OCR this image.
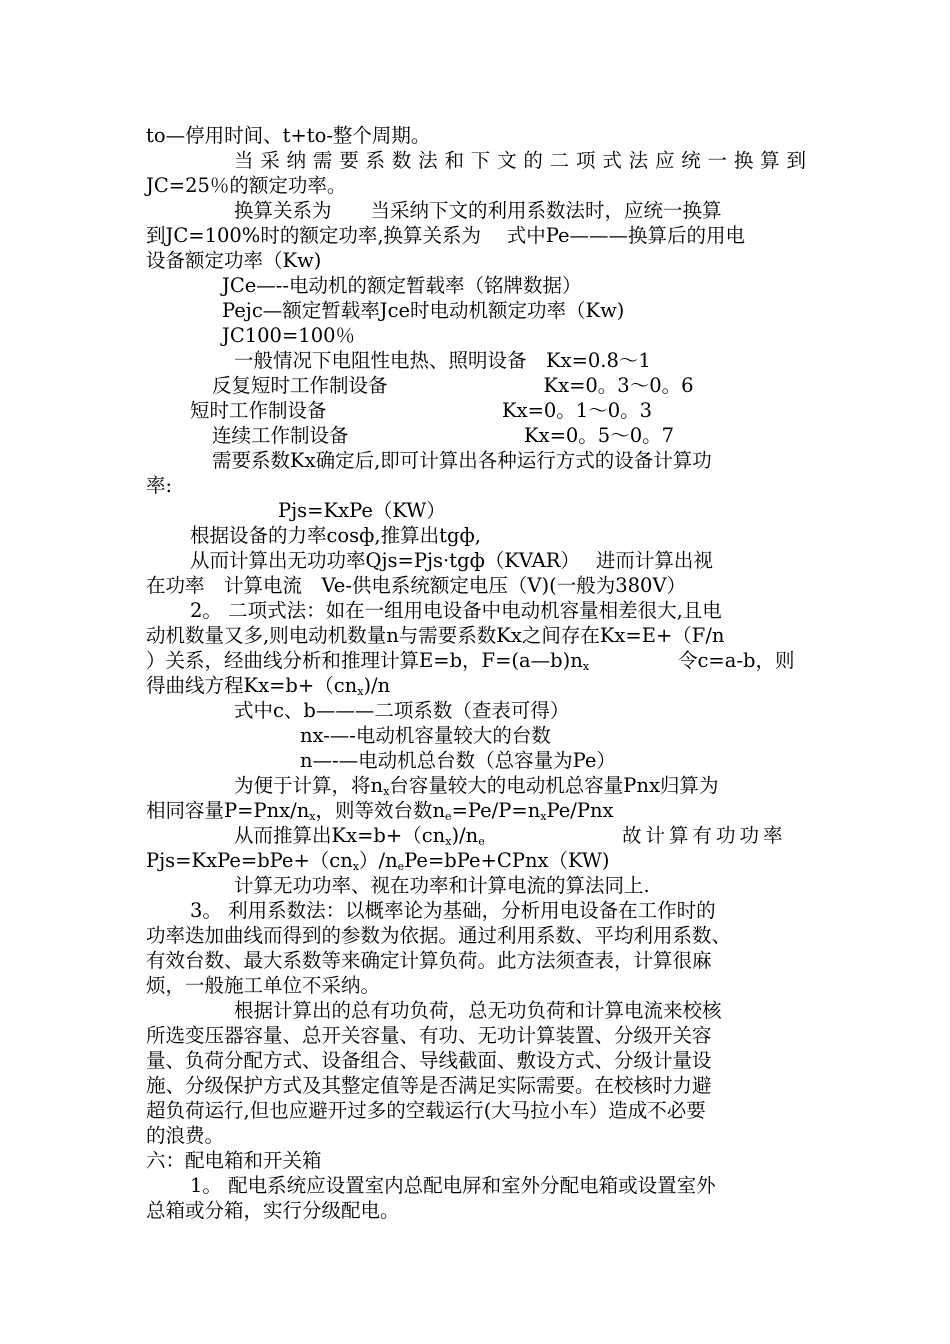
to—停用时间、t+to-整个周期。
当采纳需要系数法和下文的二项式法应统一换算到
JC=25％的额定功率。
换算关系为　　当采纳下文的利用系数法时，应统一换算
到JC=100%时的额定功率,换算关系为　 式中Pe———换算后的用电
设备额定功率（Kw)
JCe—--电动机的额定暂载率（铭牌数据）
Pejc—额定暂载率Jce时电动机额定功率（Kw)
JC100=100％
一般情况下电阻性电热、照明设备　Kx=0.8～1
反复短时工作制设备　　　　　　　　Kx=0。3～0。6
短时工作制设备　　　　　　　　　Kx=0。1～0。3
连续工作制设备　　　　　　　　　Kx=0。5～0。7
需要系数Kx确定后,即可计算出各种运行方式的设备计算功
率:
Pjs=KxPe（KW）
根据设备的力率cosф,推算出tgф,
从而计算出无功功率Qjs=Pjs·tgф（KVAR）　 进而计算出视
在功率　计算电流　Ve-供电系统额定电压（V)(一般为380V）
2。 二项式法：如在一组用电设备中电动机容量相差很大,且电
动机数量又多,则电动机数量n与需要系数Kx之间存在Kx=E+（F/n
）关系，经曲线分析和推理计算E=b，$F=(a—b)n_x$	令c=a-b，则
得曲线方程$Kx=b+(cn_x)/n$
式中c、b———二项系数（查表可得）
nx-—-电动机容量较大的台数
n—-—电动机总台数（总容量为Pe）
为便于计算，将$n_x$台容量较大的电动机总容量Pnx归算为
相同容量$P=Pnx/n_x$，则等效台数$n_e=Pe/P=n_xPe$/Pnx
从而推算出$Kx=b+(cn_x)/n_e$	故计算有功功率
$Pjs=KxPe=bPe+(cn_x)/n_ePe=bPe+CPnx(KW)$
计算无功功率、视在功率和计算电流的算法同上.
3。 利用系数法：以概率论为基础，分析用电设备在工作时的
功率迭加曲线而得到的参数为依据。通过利用系数、平均利用系数、
有效台数、最大系数等来确定计算负荷。此方法须查表，计算很麻
烦，一般施工单位不采纳。
根据计算出的总有功负荷，总无功负荷和计算电流来校核
所选变压器容量、总开关容量、有功、无功计算装置、分级开关容
量、负荷分配方式、设备组合、导线截面、敷设方式、分级计量设
施、分级保护方式及其整定值等是否满足实际需要。在校核时力避
超负荷运行,但也应避开过多的空载运行(大马拉小车）造成不必要
的浪费。
六：配电箱和开关箱
1。 配电系统应设置室内总配电屏和室外分配电箱或设置室外
总箱或分箱，实行分级配电。
